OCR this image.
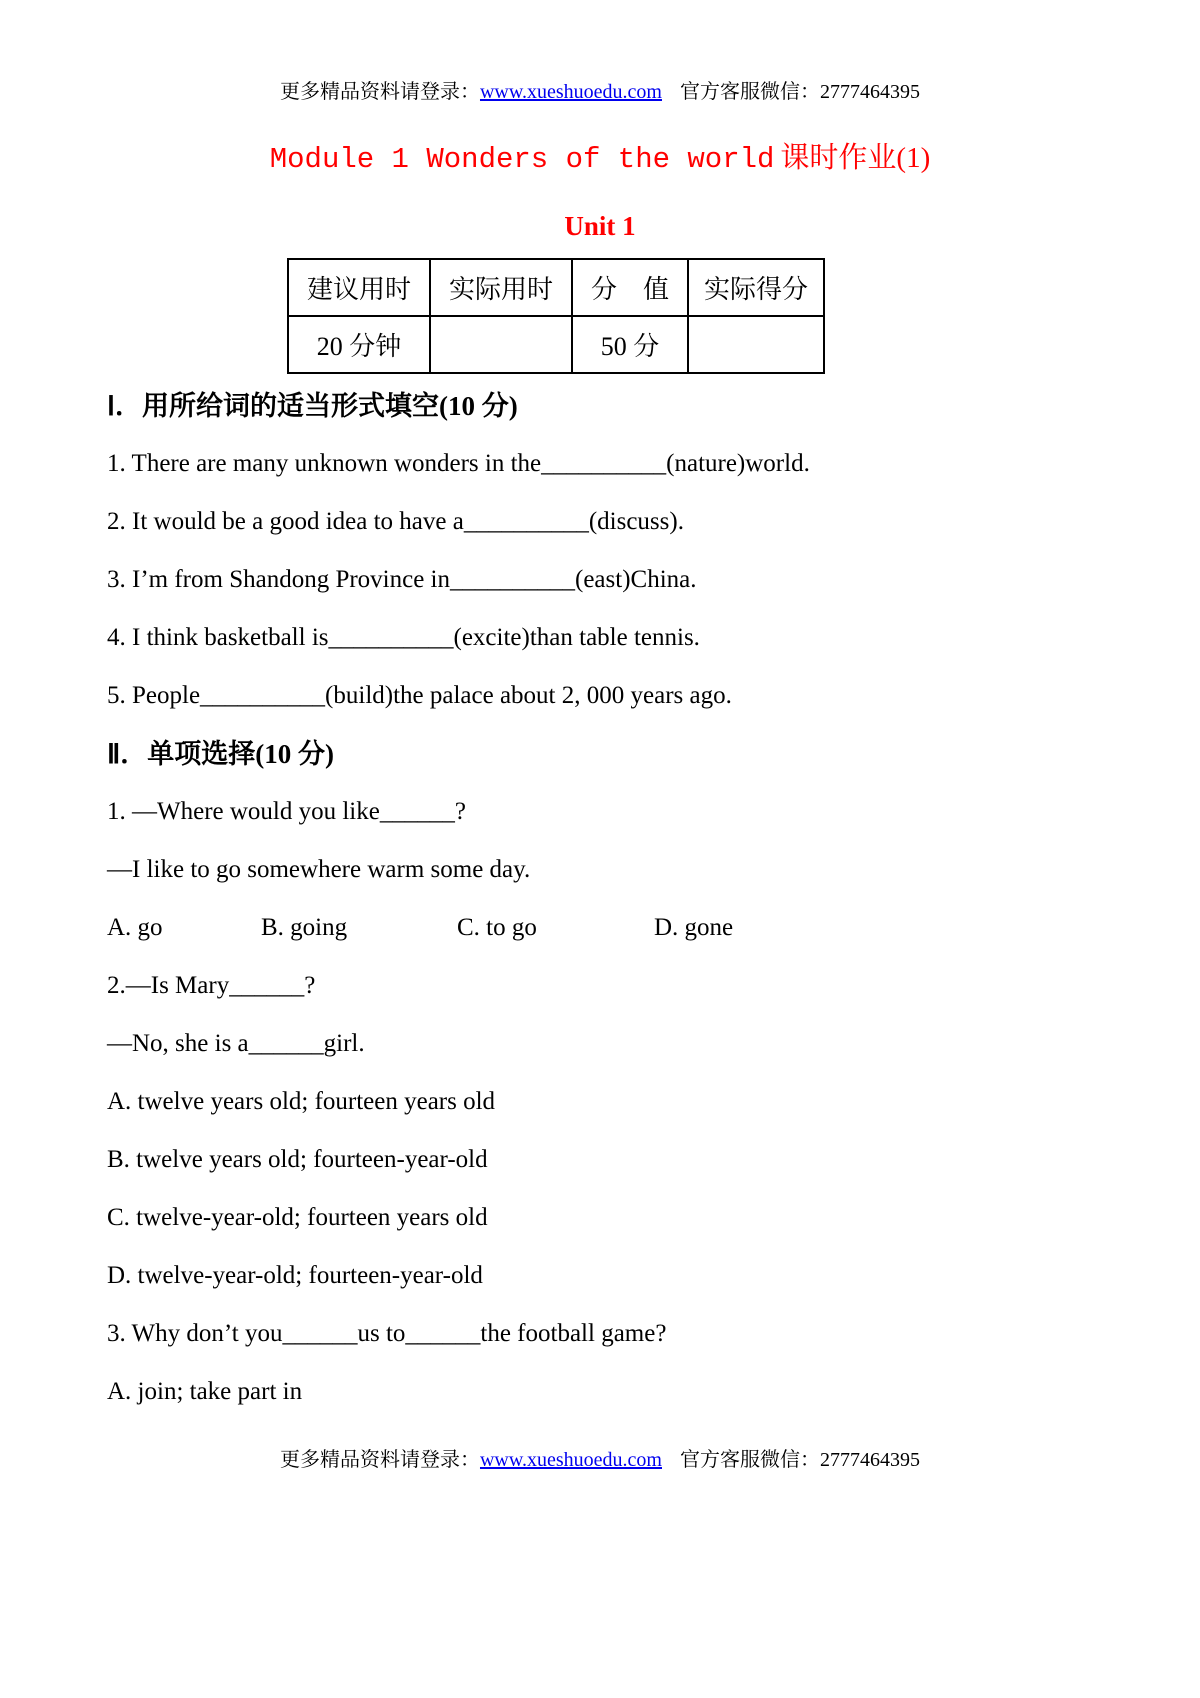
更多精品资料请登录：www.xueshuoedu.com 官方客服微信：2777464395
Module 1 Wonders of the world 课时作业(1)
Unit 1
建议用时	实际用时	分　值	实际得分
20 分钟		50 分	
Ⅰ．用所给词的适当形式填空(10 分)
1. There are many unknown wonders in the__________(nature)world.
2. It would be a good idea to have a__________(discuss).
3. I’m from Shandong Province in__________(east)China.
4. I think basketball is__________(excite)than table tennis.
5. People__________(build)the palace about 2, 000 years ago.
Ⅱ．单项选择(10 分)
1. —Where would you like______?
—I like to go somewhere warm some day.
A. go	B. going	C. to go	D. gone
2.—Is Mary______?
—No, she is a______girl.
A. twelve years old; fourteen years old
B. twelve years old; fourteen-year-old
C. twelve-year-old; fourteen years old
D. twelve-year-old; fourteen-year-old
3. Why don’t you______us to______the football game?
A. join; take part in
更多精品资料请登录：www.xueshuoedu.com 官方客服微信：2777464395
